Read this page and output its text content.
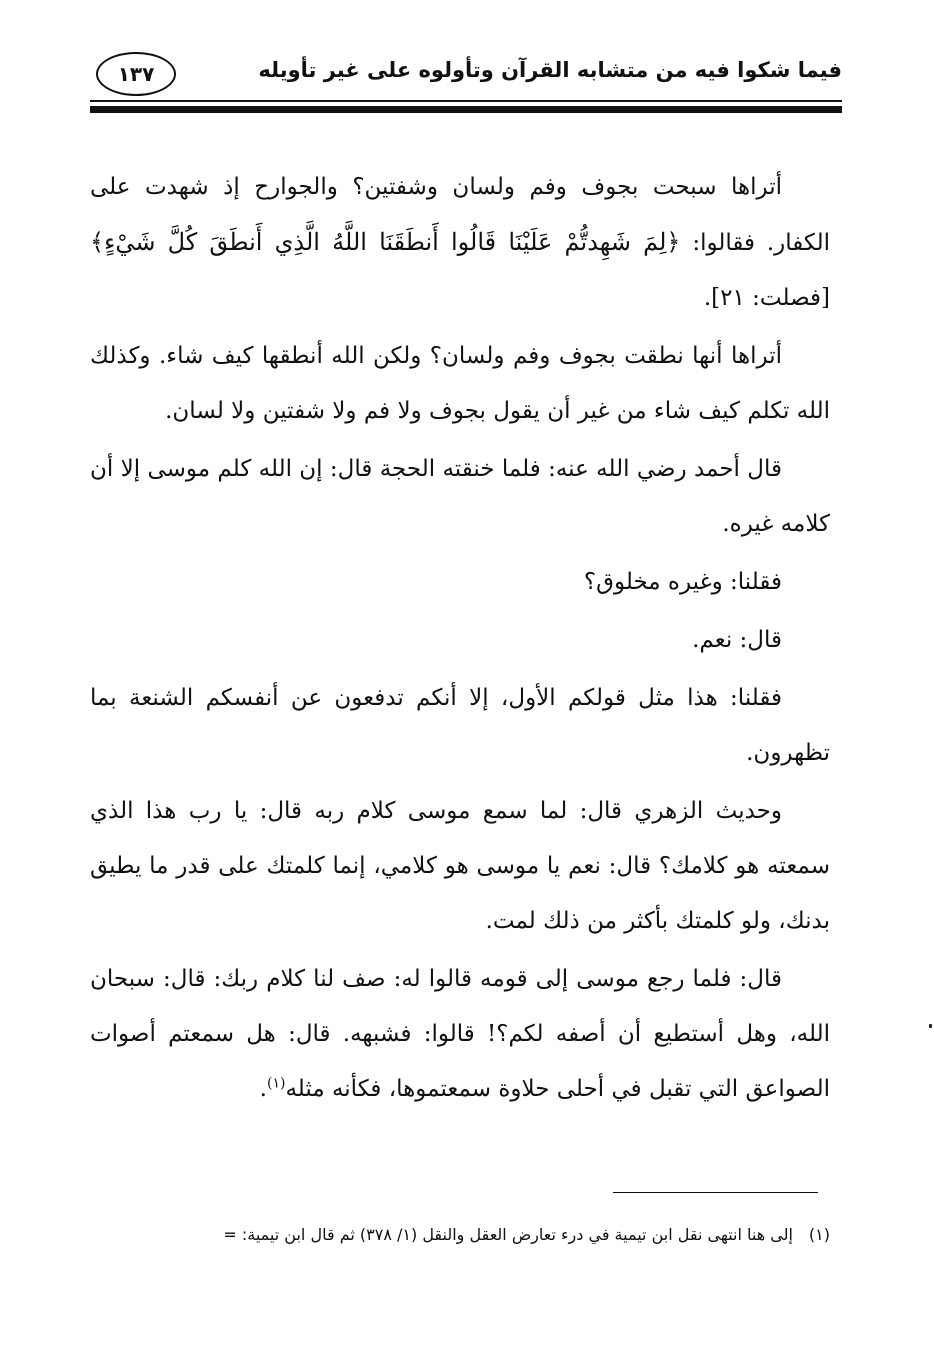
فيما شكوا فيه من متشابه القرآن وتأولوه على غير تأويله
١٣٧

أتراها سبحت بجوف وفم ولسان وشفتين؟ والجوارح إذ شهدت على الكفار. فقالوا: ﴿لِمَ شَهِدتُّمْ عَلَيْنَا قَالُوا أَنطَقَنَا اللَّهُ الَّذِي أَنطَقَ كُلَّ شَيْءٍ﴾ [فصلت: ٢١].

أتراها أنها نطقت بجوف وفم ولسان؟ ولكن الله أنطقها كيف شاء. وكذلك الله تكلم كيف شاء من غير أن يقول بجوف ولا فم ولا شفتين ولا لسان.

قال أحمد رضي الله عنه: فلما خنقته الحجة قال: إن الله كلم موسى إلا أن كلامه غيره.

فقلنا: وغيره مخلوق؟

قال: نعم.

فقلنا: هذا مثل قولكم الأول، إلا أنكم تدفعون عن أنفسكم الشنعة بما تظهرون.

وحديث الزهري قال: لما سمع موسى كلام ربه قال: يا رب هذا الذي سمعته هو كلامك؟ قال: نعم يا موسى هو كلامي، إنما كلمتك على قدر ما يطيق بدنك، ولو كلمتك بأكثر من ذلك لمت.

قال: فلما رجع موسى إلى قومه قالوا له: صف لنا كلام ربك: قال: سبحان الله، وهل أستطيع أن أصفه لكم؟! قالوا: فشبهه. قال: هل سمعتم أصوات الصواعق التي تقبل في أحلى حلاوة سمعتموها، فكأنه مثله$^{(١)}$.

(١)إلى هنا انتهى نقل ابن تيمية في درء تعارض العقل والنقل (١/ ٣٧٨) ثم قال ابن تيمية: =
